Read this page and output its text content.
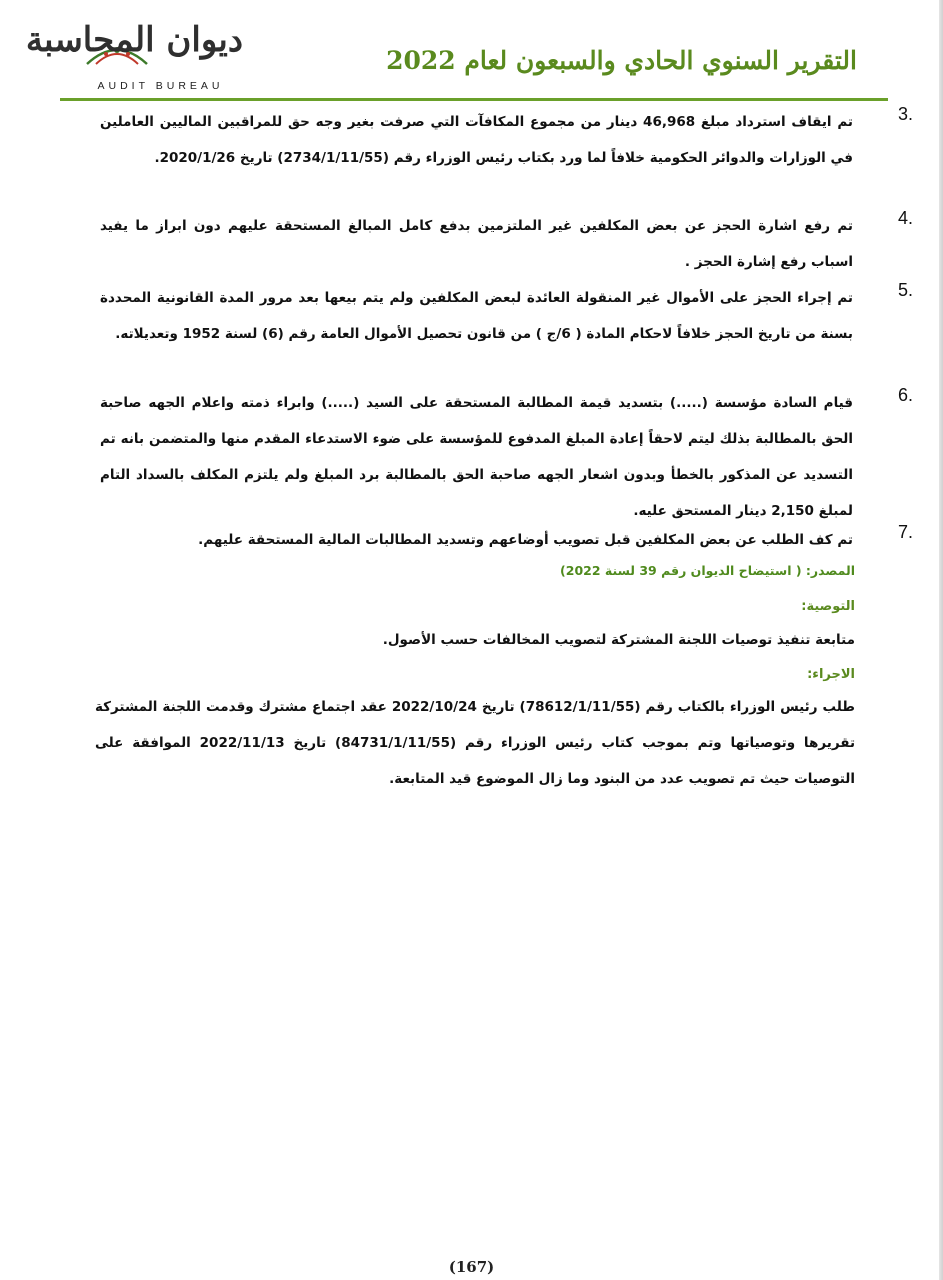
ديوان المحاسبة
AUDIT BUREAU
التقرير السنوي الحادي والسبعون لعام 2022
3.
تم ايقاف استرداد مبلغ 46,968 دينار من مجموع المكافآت التي صرفت بغير وجه حق للمراقبين الماليين العاملين في الوزارات والدوائر الحكومية خلافاً لما ورد بكتاب رئيس الوزراء رقم (2734/1/11/55) تاريخ 2020/1/26.
4.
تم رفع اشارة الحجز عن بعض المكلفين غير الملتزمين بدفع كامل المبالغ المستحقة عليهم دون ابراز ما يفيد اسباب رفع إشارة الحجز .
5.
تم إجراء الحجز على الأموال غير المنقولة العائدة لبعض المكلفين ولم يتم بيعها بعد مرور المدة القانونية المحددة بسنة من تاريخ الحجز خلافاً لاحكام المادة ( 6/ج ) من قانون تحصيل الأموال العامة رقم (6) لسنة 1952 وتعديلاته.
6.
قيام السادة مؤسسة (.....) بتسديد قيمة المطالبة المستحقة على السيد (.....) وابراء ذمته واعلام الجهه صاحبة الحق بالمطالبة بذلك ليتم لاحقاً إعادة المبلغ المدفوع للمؤسسة على ضوء الاستدعاء المقدم منها والمتضمن بانه تم التسديد عن المذكور بالخطأ وبدون اشعار الجهه صاحبة الحق بالمطالبة برد المبلغ ولم يلتزم المكلف بالسداد التام لمبلغ 2,150 دينار المستحق عليه.
7.
تم كف الطلب عن بعض المكلفين قبل تصويب أوضاعهم وتسديد المطالبات المالية المستحقة عليهم.
المصدر: ( استيضاح الديوان رقم 39 لسنة 2022)
التوصية:
متابعة تنفيذ توصيات اللجنة المشتركة لتصويب المخالفات حسب الأصول.
الاجراء:
طلب رئيس الوزراء بالكتاب رقم (78612/1/11/55) تاريخ 2022/10/24 عقد اجتماع مشترك وقدمت اللجنة المشتركة تقريرها وتوصياتها وتم بموجب كتاب رئيس الوزراء رقم (84731/1/11/55) تاريخ 2022/11/13 الموافقة على التوصيات حيث تم تصويب عدد من البنود وما زال الموضوع قيد المتابعة.
(167)
